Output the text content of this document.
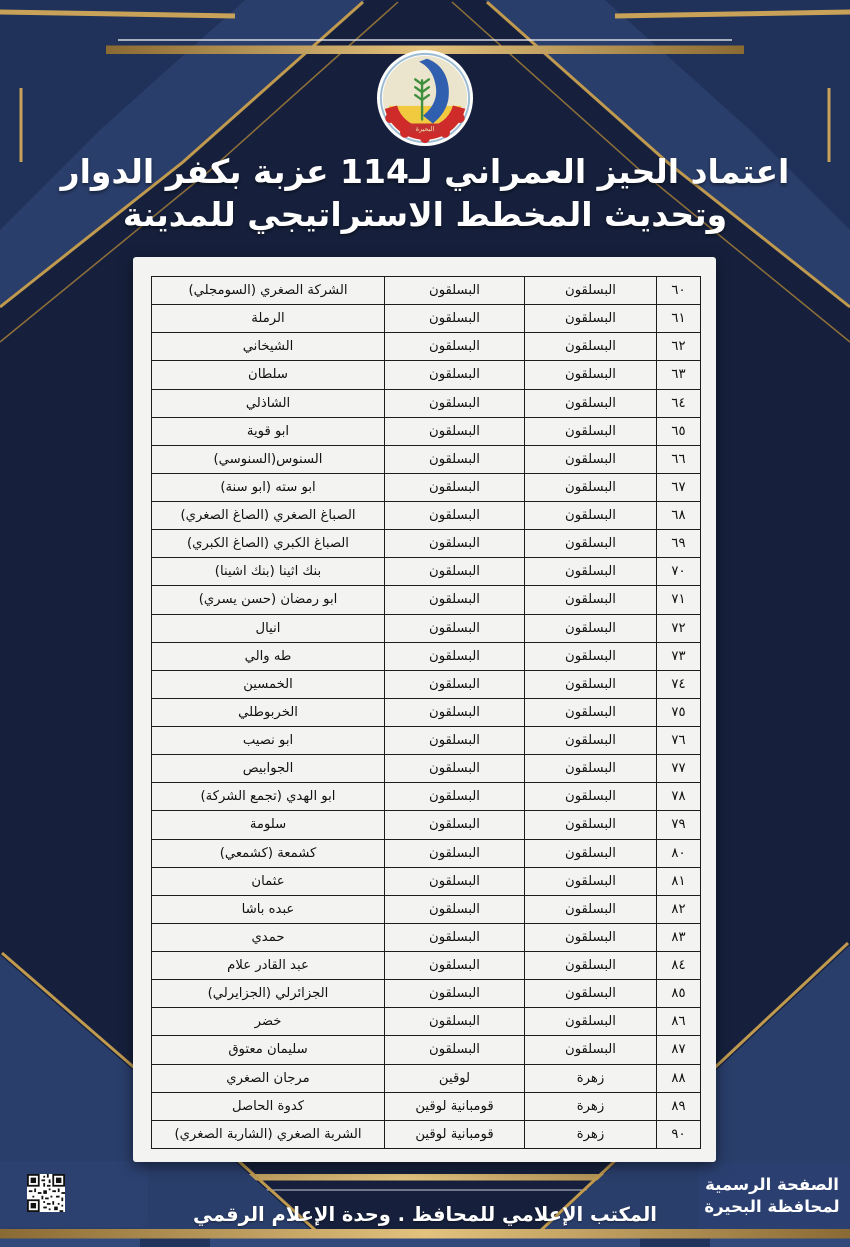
البحيرة
اعتماد الحيز العمراني لـ114 عزبة بكفر الدوار
وتحديث المخطط الاستراتيجي للمدينة
٦٠	البسلقون	البسلقون	الشركة الصغري (السومجلي)
٦١	البسلقون	البسلقون	الرملة
٦٢	البسلقون	البسلقون	الشيخاني
٦٣	البسلقون	البسلقون	سلطان
٦٤	البسلقون	البسلقون	الشاذلي
٦٥	البسلقون	البسلقون	ابو قوية
٦٦	البسلقون	البسلقون	السنوس(السنوسي)
٦٧	البسلقون	البسلقون	ابو سته (ابو سنة)
٦٨	البسلقون	البسلقون	الصباغ الصغري (الصاغ الصغري)
٦٩	البسلقون	البسلقون	الصباغ الكبري (الصاغ الكبري)
٧٠	البسلقون	البسلقون	بنك اثينا (بنك اشينا)
٧١	البسلقون	البسلقون	ابو رمضان (حسن يسري)
٧٢	البسلقون	البسلقون	انيال
٧٣	البسلقون	البسلقون	طه والي
٧٤	البسلقون	البسلقون	الخمسين
٧٥	البسلقون	البسلقون	الخربوطلي
٧٦	البسلقون	البسلقون	ابو نصيب
٧٧	البسلقون	البسلقون	الجوابيص
٧٨	البسلقون	البسلقون	ابو الهدي (تجمع الشركة)
٧٩	البسلقون	البسلقون	سلومة
٨٠	البسلقون	البسلقون	كشمعة (كشمعي)
٨١	البسلقون	البسلقون	عثمان
٨٢	البسلقون	البسلقون	عبده باشا
٨٣	البسلقون	البسلقون	حمدي
٨٤	البسلقون	البسلقون	عبد القادر علام
٨٥	البسلقون	البسلقون	الجزائرلي (الجزايرلي)
٨٦	البسلقون	البسلقون	خضر
٨٧	البسلقون	البسلقون	سليمان معتوق
٨٨	زهرة	لوقين	مرجان الصغري
٨٩	زهرة	قومبانية لوقين	كدوة الحاصل
٩٠	زهرة	قومبانية لوقين	الشربة الصغري (الشاربة الصغري)
الصفحة الرسمية
لمحافظة البحيرة
المكتب الإعلامي للمحافظ . وحدة الإعلام الرقمي
